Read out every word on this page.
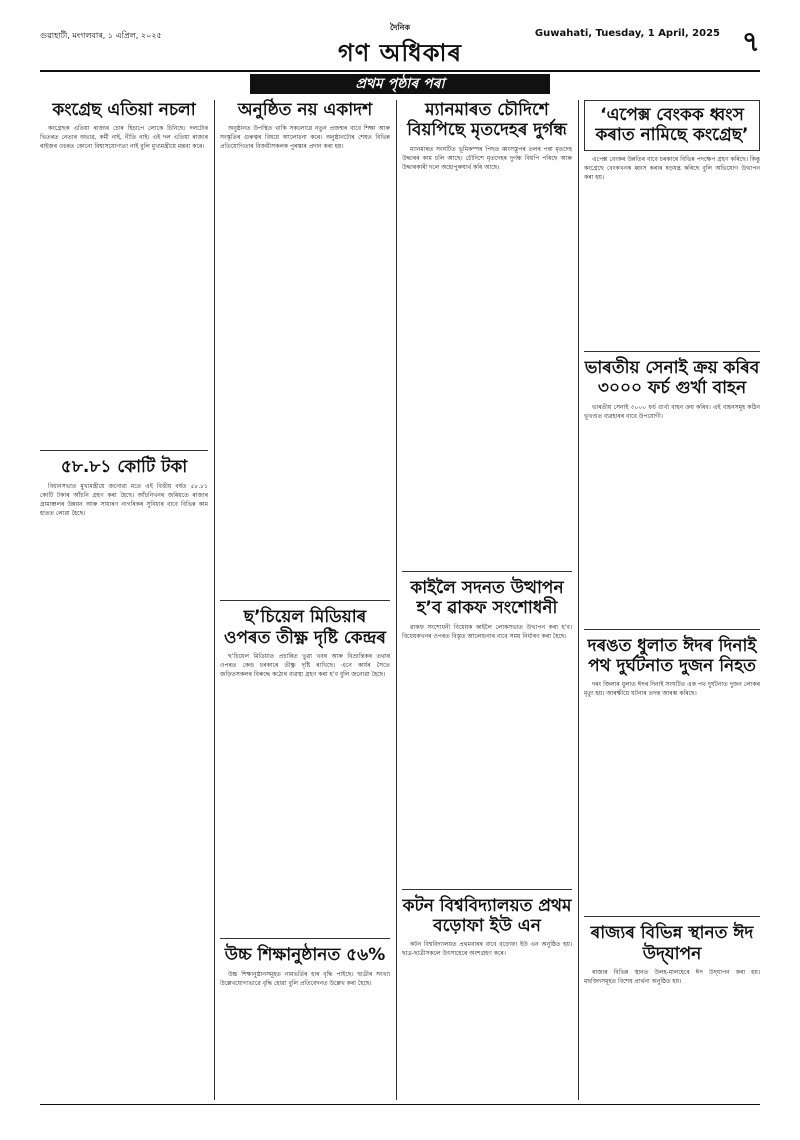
গুৱাহাটী, মংগলবাৰ, ১ এপ্ৰিল, ২০২৫
দৈনিক
গণ অধিকাৰ
Guwahati, Tuesday, 1 April, 2025 ৭
প্ৰথম পৃষ্ঠাৰ পৰা
কংগ্ৰেছ এতিয়া নচলা

কংগ্ৰেছক এতিয়া ৰাজ্যৰ চোৰ হিচাপে লোকে চিনিছে। দলটোৰ ভিতৰত নেতাৰ অভাৱ, কৰ্মী নাই, নীতি নাই। এই দল এতিয়া ৰাজ্যৰ ৰাইজৰ ওচৰত কোনো বিশ্বাসযোগ্যতা নাই বুলি মুখ্যমন্ত্ৰীয়ে মন্তব্য কৰে।

৫৮.৮১ কোটি টকা

বিধানসভাত মুখ্যমন্ত্ৰীয়ে জনোৱা মতে এই বিত্তীয় বৰ্ষত ৫৮.৮১ কোটি টকাৰ আঁচনি গ্ৰহণ কৰা হৈছে। আঁচনিখনৰ জৰিয়তে ৰাজ্যৰ গ্ৰামাঞ্চলৰ উন্নয়ন আৰু সাধাৰণ নাগৰিকৰ সুবিধাৰ বাবে বিভিন্ন কাম হাতত লোৱা হৈছে।

অনুষ্ঠিত নয় একাদশ

অনুষ্ঠানত উপস্থিত থাকি সকলোৱে নতুন প্ৰজন্মৰ বাবে শিক্ষা আৰু সংস্কৃতিৰ গুৰুত্বৰ বিষয়ে আলোচনা কৰে। অনুষ্ঠানটোৰ শেষত বিভিন্ন প্ৰতিযোগিতাৰ বিজয়ীসকলক পুৰস্কাৰ প্ৰদান কৰা হয়।

ছ’চিয়েল মিডিয়াৰ ওপৰত তীক্ষ্ণ দৃষ্টি কেন্দ্ৰৰ

ছ’চিয়েল মিডিয়াত প্ৰচাৰিত ভুৱা খবৰ আৰু বিভ্ৰান্তিকৰ তথ্যৰ ওপৰত কেন্দ্ৰ চৰকাৰে তীক্ষ্ণ দৃষ্টি ৰাখিছে। এনে কাৰ্যৰ সৈতে জড়িতসকলৰ বিৰুদ্ধে কঠোৰ ব্যৱস্থা গ্ৰহণ কৰা হ’ব বুলি জনোৱা হৈছে।

উচ্চ শিক্ষানুষ্ঠানত ৫৬%

উচ্চ শিক্ষানুষ্ঠানসমূহত নামভৰ্তিৰ হাৰ বৃদ্ধি পাইছে। ছাত্ৰীৰ সংখ্যা উল্লেখযোগ্যভাৱে বৃদ্ধি হোৱা বুলি প্ৰতিবেদনত উল্লেখ কৰা হৈছে।

ম্যানমাৰত চৌদিশে বিয়পিছে মৃতদেহৰ দুৰ্গন্ধ

ম্যানমাৰত সংঘটিত ভূমিকম্পৰ পিছত ধ্বংসস্তূপৰ তলৰ পৰা মৃতদেহ উদ্ধাৰৰ কাম চলি আছে। চৌদিশে মৃতদেহৰ দুৰ্গন্ধ বিয়পি পৰিছে আৰু উদ্ধাৰকাৰী দলে অহোপুৰুষাৰ্থ কৰি আছে।

কাইলৈ সদনত উত্থাপন হ’ব ৱাকফ সংশোধনী

ৱাকফ সংশোধনী বিধেয়ক কাইলৈ লোকসভাত উত্থাপন কৰা হ’ব। বিধেয়কখনৰ ওপৰত বিস্তৃত আলোচনাৰ বাবে সময় নিৰ্ধাৰণ কৰা হৈছে।

কটন বিশ্ববিদ্যালয়ত প্ৰথম বড়োফা ইউ এন

কটন বিশ্ববিদ্যালয়ত প্ৰথমবাৰৰ বাবে বড়োফা ইউ এন অনুষ্ঠিত হয়। ছাত্ৰ-ছাত্ৰীসকলে উৎসাহেৰে অংশগ্ৰহণ কৰে।

‘এপেক্স বেংকক ধ্বংস কৰাত নামিছে কংগ্ৰেছ’

এপেক্স বেংকৰ উন্নতিৰ বাবে চৰকাৰে বিভিন্ন পদক্ষেপ গ্ৰহণ কৰিছে। কিন্তু কংগ্ৰেছে বেংকখনক ধ্বংস কৰাৰ ষড়যন্ত্ৰ কৰিছে বুলি অভিযোগ উত্থাপন কৰা হয়।

ভাৰতীয় সেনাই ক্ৰয় কৰিব ৩০০০ ফৰ্চ গুৰ্খা বাহন

ভাৰতীয় সেনাই ৩০০০ ফৰ্চ গুৰ্খা বাহন ক্ৰয় কৰিব। এই বাহনসমূহ কঠিন ভূখণ্ডত ব্যৱহাৰৰ বাবে উপযোগী।

দৰঙত ধুলাত ঈদৰ দিনাই পথ দুৰ্ঘটনাত দুজন নিহত

দৰং জিলাৰ ধুলাত ঈদৰ দিনাই সংঘটিত এক পথ দুৰ্ঘটনাত দুজন লোকৰ মৃত্যু হয়। আৰক্ষীয়ে ঘটনাৰ তদন্ত আৰম্ভ কৰিছে।

ৰাজ্যৰ বিভিন্ন স্থানত ঈদ উদ্‌যাপন

ৰাজ্যৰ বিভিন্ন স্থানত উলহ-মালহেৰে ঈদ উদ্‌যাপন কৰা হয়। মছজিদসমূহত বিশেষ প্ৰাৰ্থনা অনুষ্ঠিত হয়।
